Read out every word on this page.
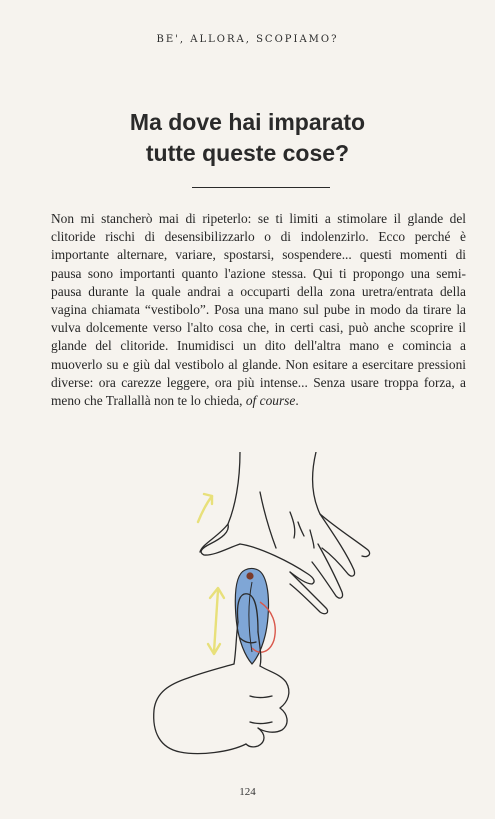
BE', ALLORA, SCOPIAMO?
Ma dove hai imparato
tutte queste cose?
Non mi stancherò mai di ripeterlo: se ti limiti a stimolare il glande del clitoride rischi di desensibilizzarlo o di indolenzirlo. Ecco perché è importante alternare, variare, spostarsi, sospendere... questi momenti di pausa sono importanti quanto l'azione stessa. Qui ti propongo una semi-pausa durante la quale andrai a occuparti della zona uretra/entrata della vagina chiamata “vestibolo”. Posa una mano sul pube in modo da tirare la vulva dolcemente verso l'alto cosa che, in certi casi, può anche scoprire il glande del clitoride. Inumidisci un dito dell'altra mano e comincia a muoverlo su e giù dal vestibolo al glande. Non esitare a esercitare pressioni diverse: ora carezze leggere, ora più intense... Senza usare troppa forza, a meno che Trallallà non te lo chieda, of course.
124
